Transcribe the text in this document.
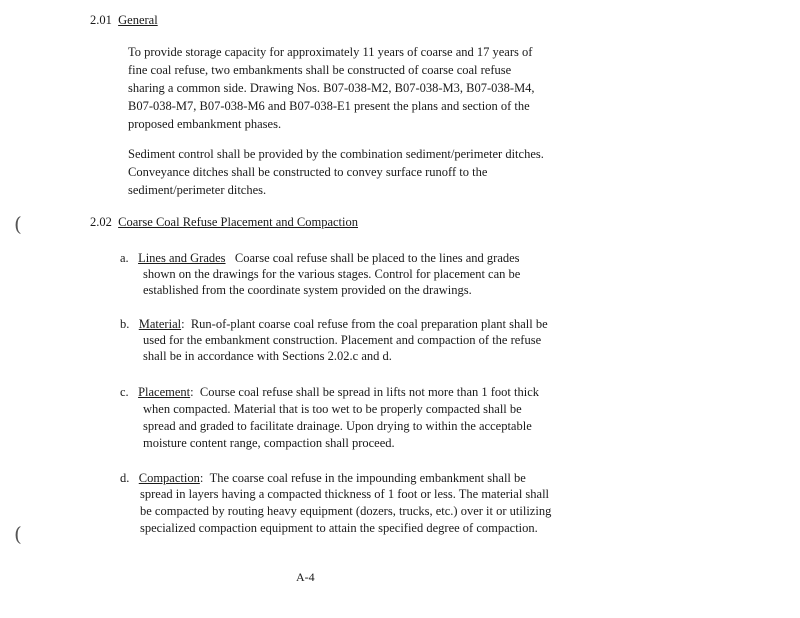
2.01 General
To provide storage capacity for approximately 11 years of coarse and 17 years of
fine coal refuse, two embankments shall be constructed of coarse coal refuse
sharing a common side. Drawing Nos. B07-038-M2, B07-038-M3, B07-038-M4,
B07-038-M7, B07-038-M6 and B07-038-E1 present the plans and section of the
proposed embankment phases.
Sediment control shall be provided by the combination sediment/perimeter ditches.
Conveyance ditches shall be constructed to convey surface runoff to the
sediment/perimeter ditches.
(
(
2.02 Coarse Coal Refuse Placement and Compaction
a. Lines and Grades Coarse coal refuse shall be placed to the lines and grades
shown on the drawings for the various stages. Control for placement can be
established from the coordinate system provided on the drawings.
b. Material:  Run-of-plant coarse coal refuse from the coal preparation plant shall be
used for the embankment construction. Placement and compaction of the refuse
shall be in accordance with Sections 2.02.c and d.
c. Placement:  Course coal refuse shall be spread in lifts not more than 1 foot thick
when compacted. Material that is too wet to be properly compacted shall be
spread and graded to facilitate drainage. Upon drying to within the acceptable
moisture content range, compaction shall proceed.
d. Compaction:  The coarse coal refuse in the impounding embankment shall be
spread in layers having a compacted thickness of 1 foot or less. The material shall
be compacted by routing heavy equipment (dozers, trucks, etc.) over it or utilizing
specialized compaction equipment to attain the specified degree of compaction.
A-4
